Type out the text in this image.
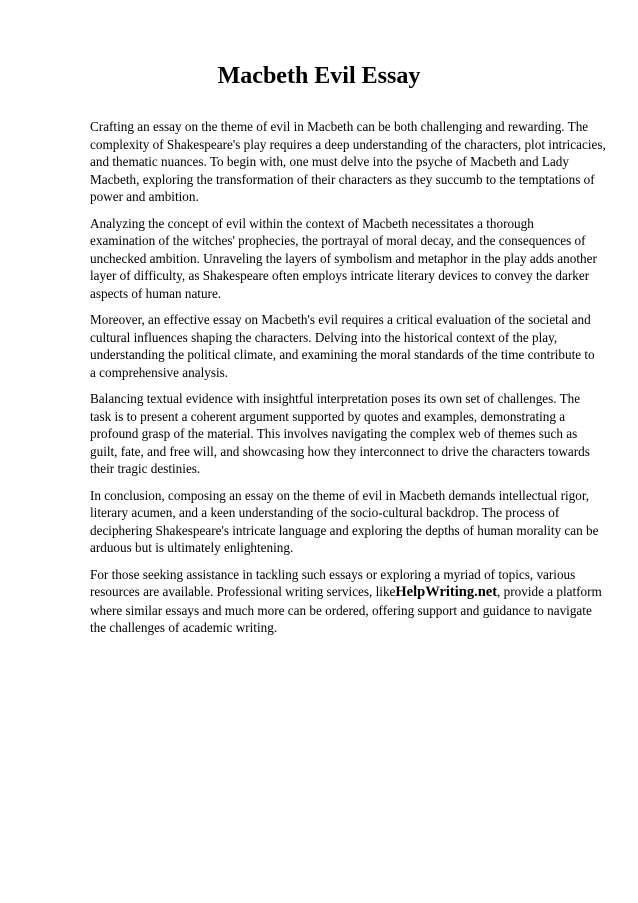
Macbeth Evil Essay

Crafting an essay on the theme of evil in Macbeth can be both challenging and rewarding. The
complexity of Shakespeare's play requires a deep understanding of the characters, plot intricacies,
and thematic nuances. To begin with, one must delve into the psyche of Macbeth and Lady
Macbeth, exploring the transformation of their characters as they succumb to the temptations of
power and ambition.

Analyzing the concept of evil within the context of Macbeth necessitates a thorough
examination of the witches' prophecies, the portrayal of moral decay, and the consequences of
unchecked ambition. Unraveling the layers of symbolism and metaphor in the play adds another
layer of difficulty, as Shakespeare often employs intricate literary devices to convey the darker
aspects of human nature.

Moreover, an effective essay on Macbeth's evil requires a critical evaluation of the societal and
cultural influences shaping the characters. Delving into the historical context of the play,
understanding the political climate, and examining the moral standards of the time contribute to
a comprehensive analysis.

Balancing textual evidence with insightful interpretation poses its own set of challenges. The
task is to present a coherent argument supported by quotes and examples, demonstrating a
profound grasp of the material. This involves navigating the complex web of themes such as
guilt, fate, and free will, and showcasing how they interconnect to drive the characters towards
their tragic destinies.

In conclusion, composing an essay on the theme of evil in Macbeth demands intellectual rigor,
literary acumen, and a keen understanding of the socio-cultural backdrop. The process of
deciphering Shakespeare's intricate language and exploring the depths of human morality can be
arduous but is ultimately enlightening.

For those seeking assistance in tackling such essays or exploring a myriad of topics, various
resources are available. Professional writing services, likeHelpWriting.net, provide a platform
where similar essays and much more can be ordered, offering support and guidance to navigate
the challenges of academic writing.
